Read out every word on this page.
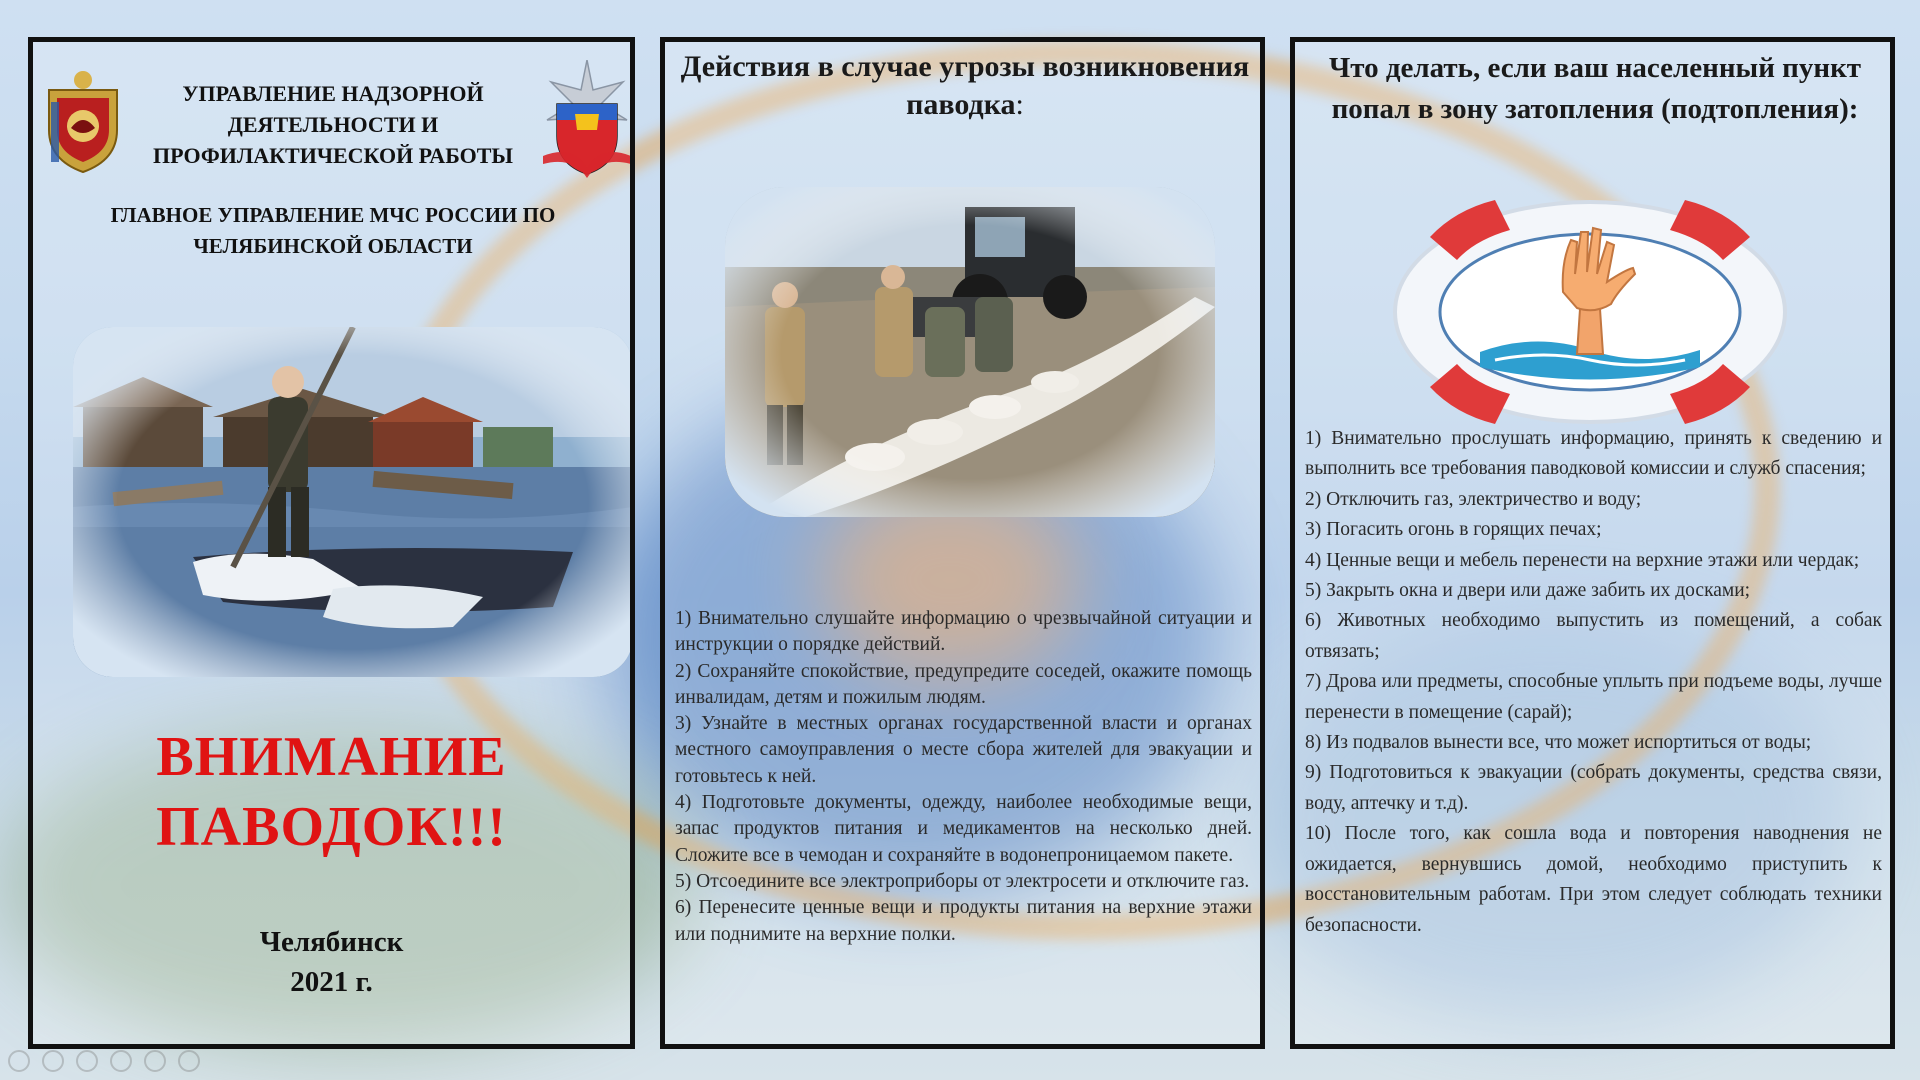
УПРАВЛЕНИЕ НАДЗОРНОЙ ДЕЯТЕЛЬНОСТИ И ПРОФИЛАКТИЧЕСКОЙ РАБОТЫ
ГЛАВНОЕ УПРАВЛЕНИЕ МЧС РОССИИ ПО ЧЕЛЯБИНСКОЙ ОБЛАСТИ
ВНИМАНИЕ
ПАВОДОК!!!
Челябинск
2021 г.
Действия в случае угрозы возникновения паводка:
1) Внимательно слушайте информацию о чрезвычайной ситуации и инструкции о порядке действий.
2) Сохраняйте спокойствие, предупредите соседей, окажите помощь инвалидам, детям и пожилым людям.
3) Узнайте в местных органах государственной власти и органах местного самоуправления о месте сбора жителей для эвакуации и готовьтесь к ней.
4) Подготовьте документы, одежду, наиболее необходимые вещи, запас продуктов питания и медикаментов на несколько дней. Сложите все в чемодан и сохраняйте в водонепроницаемом пакете.
5) Отсоедините все электроприборы от электросети и отключите газ.
6) Перенесите ценные вещи и продукты питания на верхние этажи или поднимите на верхние полки.
Что делать, если ваш населенный пункт попал в зону затопления (подтопления):
1) Внимательно прослушать информацию, принять к сведению и выполнить все требования паводковой комиссии и служб спасения;
2) Отключить газ, электричество и воду;
3) Погасить огонь в горящих печах;
4) Ценные вещи и мебель перенести на верхние этажи или чердак;
5) Закрыть окна и двери или даже забить их досками;
6) Животных необходимо выпустить из помещений, а собак отвязать;
7) Дрова или предметы, способные уплыть при подъеме воды, лучше перенести в помещение (сарай);
8) Из подвалов вынести все, что может испортиться от воды;
9) Подготовиться к эвакуации (собрать документы, средства связи, воду, аптечку и т.д).
10) После того, как сошла вода и повторения наводнения не ожидается, вернувшись домой, необходимо приступить к восстановительным работам. При этом следует соблюдать техники безопасности.
